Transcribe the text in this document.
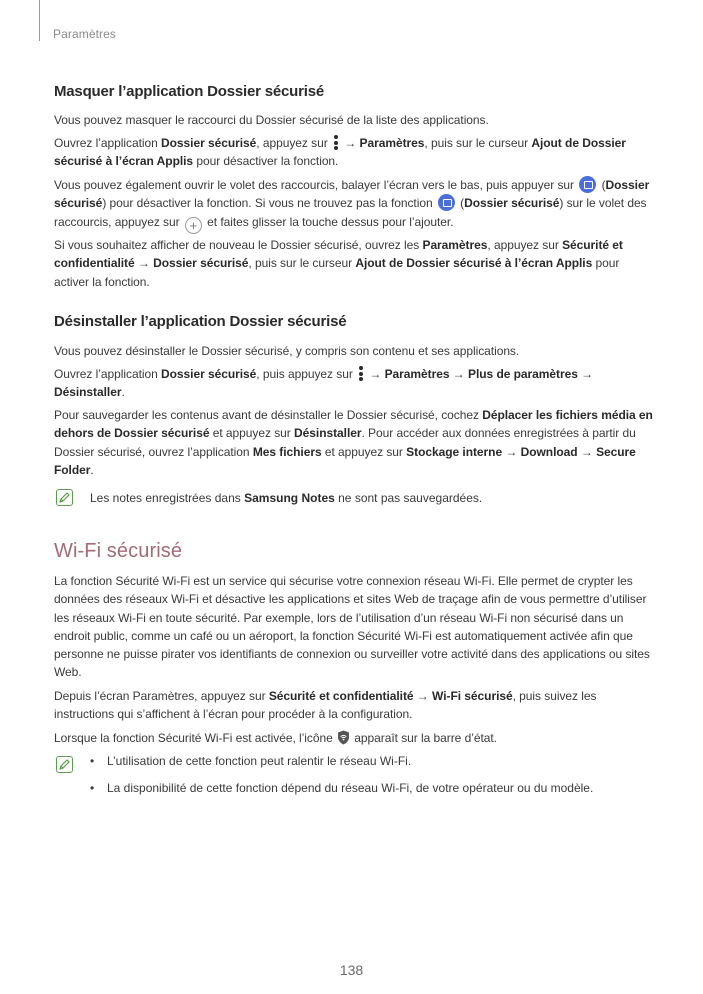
Paramètres
Masquer l’application Dossier sécurisé

Vous pouvez masquer le raccourci du Dossier sécurisé de la liste des applications.

Ouvrez l’application Dossier sécurisé, appuyez sur
→ Paramètres, puis sur le curseur Ajout de Dossier sécurisé à l’écran Applis pour désactiver la fonction.

Vous pouvez également ouvrir le volet des raccourcis, balayer l’écran vers le bas, puis appuyer sur  (Dossier sécurisé) pour désactiver la fonction. Si vous ne trouvez pas la fonction  (Dossier sécurisé) sur le volet des raccourcis, appuyez sur + et faites glisser la touche dessus pour l’ajouter.

Si vous souhaitez afficher de nouveau le Dossier sécurisé, ouvrez les Paramètres, appuyez sur Sécurité et confidentialité → Dossier sécurisé, puis sur le curseur Ajout de Dossier sécurisé à l’écran Applis pour activer la fonction.

Désinstaller l’application Dossier sécurisé

Vous pouvez désinstaller le Dossier sécurisé, y compris son contenu et ses applications.

Ouvrez l’application Dossier sécurisé, puis appuyez sur
→ Paramètres → Plus de paramètres → Désinstaller.

Pour sauvegarder les contenus avant de désinstaller le Dossier sécurisé, cochez Déplacer les fichiers média en dehors de Dossier sécurisé et appuyez sur Désinstaller. Pour accéder aux données enregistrées à partir du Dossier sécurisé, ouvrez l’application Mes fichiers et appuyez sur Stockage interne → Download → Secure Folder.

Les notes enregistrées dans Samsung Notes ne sont pas sauvegardées.
Wi-Fi sécurisé

La fonction Sécurité Wi-Fi est un service qui sécurise votre connexion réseau Wi-Fi. Elle permet de crypter les données des réseaux Wi-Fi et désactive les applications et sites Web de traçage afin de vous permettre d’utiliser les réseaux Wi-Fi en toute sécurité. Par exemple, lors de l’utilisation d’un réseau Wi-Fi non sécurisé dans un endroit public, comme un café ou un aéroport, la fonction Sécurité Wi-Fi est automatiquement activée afin que personne ne puisse pirater vos identifiants de connexion ou surveiller votre activité dans des applications ou sites Web.

Depuis l’écran Paramètres, appuyez sur Sécurité et confidentialité → Wi-Fi sécurisé, puis suivez les instructions qui s’affichent à l’écran pour procéder à la configuration.

Lorsque la fonction Sécurité Wi-Fi est activée, l’icône  apparaît sur la barre d’état.

• L’utilisation de cette fonction peut ralentir le réseau Wi-Fi.
• La disponibilité de cette fonction dépend du réseau Wi-Fi, de votre opérateur ou du modèle.
138
